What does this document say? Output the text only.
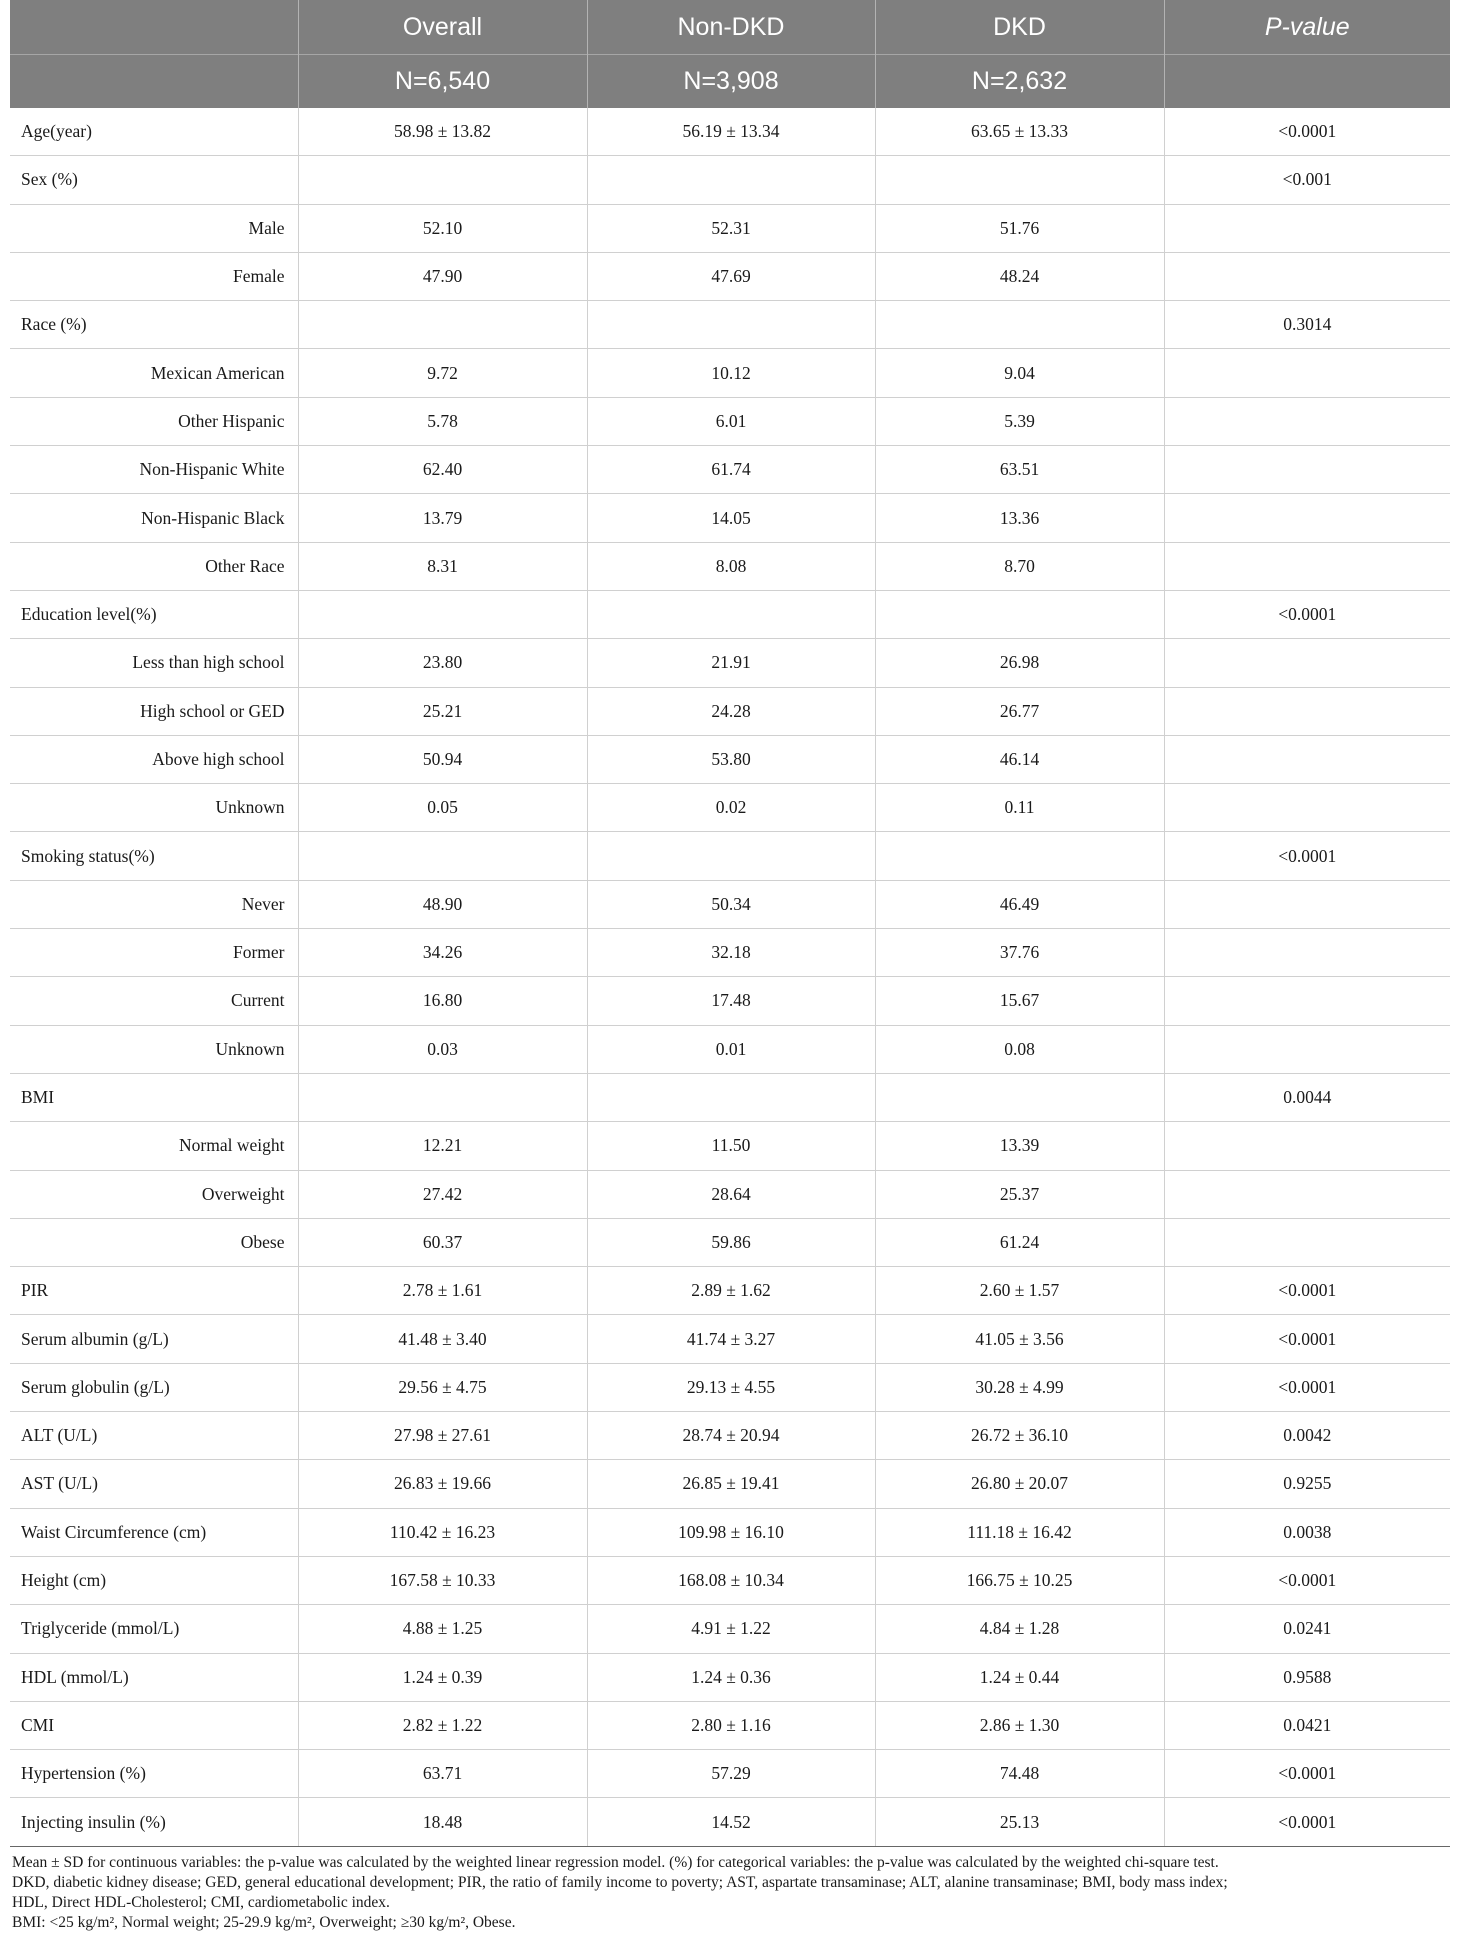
	Overall	Non-DKD	DKD	P-value
	N=6,540	N=3,908	N=2,632	
Age(year)	58.98 ± 13.82	56.19 ± 13.34	63.65 ± 13.33	<0.0001
Sex (%)				<0.001
Male	52.10	52.31	51.76	
Female	47.90	47.69	48.24	
Race (%)				0.3014
Mexican American	9.72	10.12	9.04	
Other Hispanic	5.78	6.01	5.39	
Non-Hispanic White	62.40	61.74	63.51	
Non-Hispanic Black	13.79	14.05	13.36	
Other Race	8.31	8.08	8.70	
Education level(%)				<0.0001
Less than high school	23.80	21.91	26.98	
High school or GED	25.21	24.28	26.77	
Above high school	50.94	53.80	46.14	
Unknown	0.05	0.02	0.11	
Smoking status(%)				<0.0001
Never	48.90	50.34	46.49	
Former	34.26	32.18	37.76	
Current	16.80	17.48	15.67	
Unknown	0.03	0.01	0.08	
BMI				0.0044
Normal weight	12.21	11.50	13.39	
Overweight	27.42	28.64	25.37	
Obese	60.37	59.86	61.24	
PIR	2.78 ± 1.61	2.89 ± 1.62	2.60 ± 1.57	<0.0001
Serum albumin (g/L)	41.48 ± 3.40	41.74 ± 3.27	41.05 ± 3.56	<0.0001
Serum globulin (g/L)	29.56 ± 4.75	29.13 ± 4.55	30.28 ± 4.99	<0.0001
ALT (U/L)	27.98 ± 27.61	28.74 ± 20.94	26.72 ± 36.10	0.0042
AST (U/L)	26.83 ± 19.66	26.85 ± 19.41	26.80 ± 20.07	0.9255
Waist Circumference (cm)	110.42 ± 16.23	109.98 ± 16.10	111.18 ± 16.42	0.0038
Height (cm)	167.58 ± 10.33	168.08 ± 10.34	166.75 ± 10.25	<0.0001
Triglyceride (mmol/L)	4.88 ± 1.25	4.91 ± 1.22	4.84 ± 1.28	0.0241
HDL (mmol/L)	1.24 ± 0.39	1.24 ± 0.36	1.24 ± 0.44	0.9588
CMI	2.82 ± 1.22	2.80 ± 1.16	2.86 ± 1.30	0.0421
Hypertension (%)	63.71	57.29	74.48	<0.0001
Injecting insulin (%)	18.48	14.52	25.13	<0.0001
Mean ± SD for continuous variables: the p-value was calculated by the weighted linear regression model. (%) for categorical variables: the p-value was calculated by the weighted chi-square test.
DKD, diabetic kidney disease; GED, general educational development; PIR, the ratio of family income to poverty; AST, aspartate transaminase; ALT, alanine transaminase; BMI, body mass index;
HDL, Direct HDL-Cholesterol; CMI, cardiometabolic index.
BMI: <25 kg/m², Normal weight; 25-29.9 kg/m², Overweight; ≥30 kg/m², Obese.
